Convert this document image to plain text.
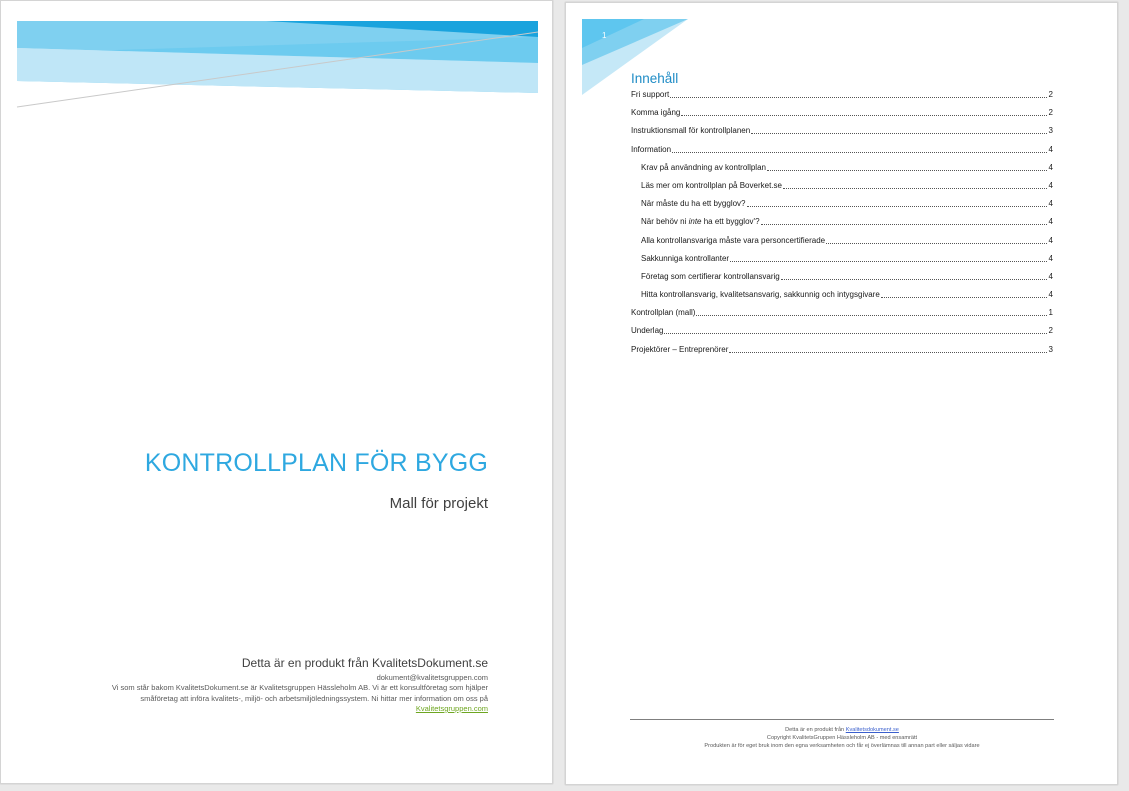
KONTROLLPLAN FÖR BYGG
Mall för projekt
Detta är en produkt från KvalitetsDokument.se
dokument@kvalitetsgruppen.com
Vi som står bakom KvalitetsDokument.se är Kvalitetsgruppen Hässleholm AB. Vi är ett konsultföretag som hjälper småföretag att införa kvalitets-, miljö- och arbetsmiljöledningssystem. Ni hittar mer information om oss på Kvalitetsgruppen.com
1
Innehåll
Fri support	2
Komma igång	2
Instruktionsmall för kontrollplanen	3
Information	4
Krav på användning av kontrollplan	4
Läs mer om kontrollplan på Boverket.se	4
När måste du ha ett bygglov?	4
När behöv ni inte ha ett bygglov'?	4
Alla kontrollansvariga måste vara personcertifierade	4
Sakkunniga kontrollanter	4
Företag som certifierar kontrollansvarig	4
Hitta kontrollansvarig, kvalitetsansvarig, sakkunnig och intygsgivare	4
Kontrollplan (mall)	1
Underlag	2
Projektörer – Entreprenörer	3
Detta är en produkt från Kvalitetsdokument.se
Copyright KvalitetsGruppen Hässleholm AB - med ensamrätt
Produkten är för eget bruk inom den egna verksamheten och får ej överlämnas till annan part eller säljas vidare
